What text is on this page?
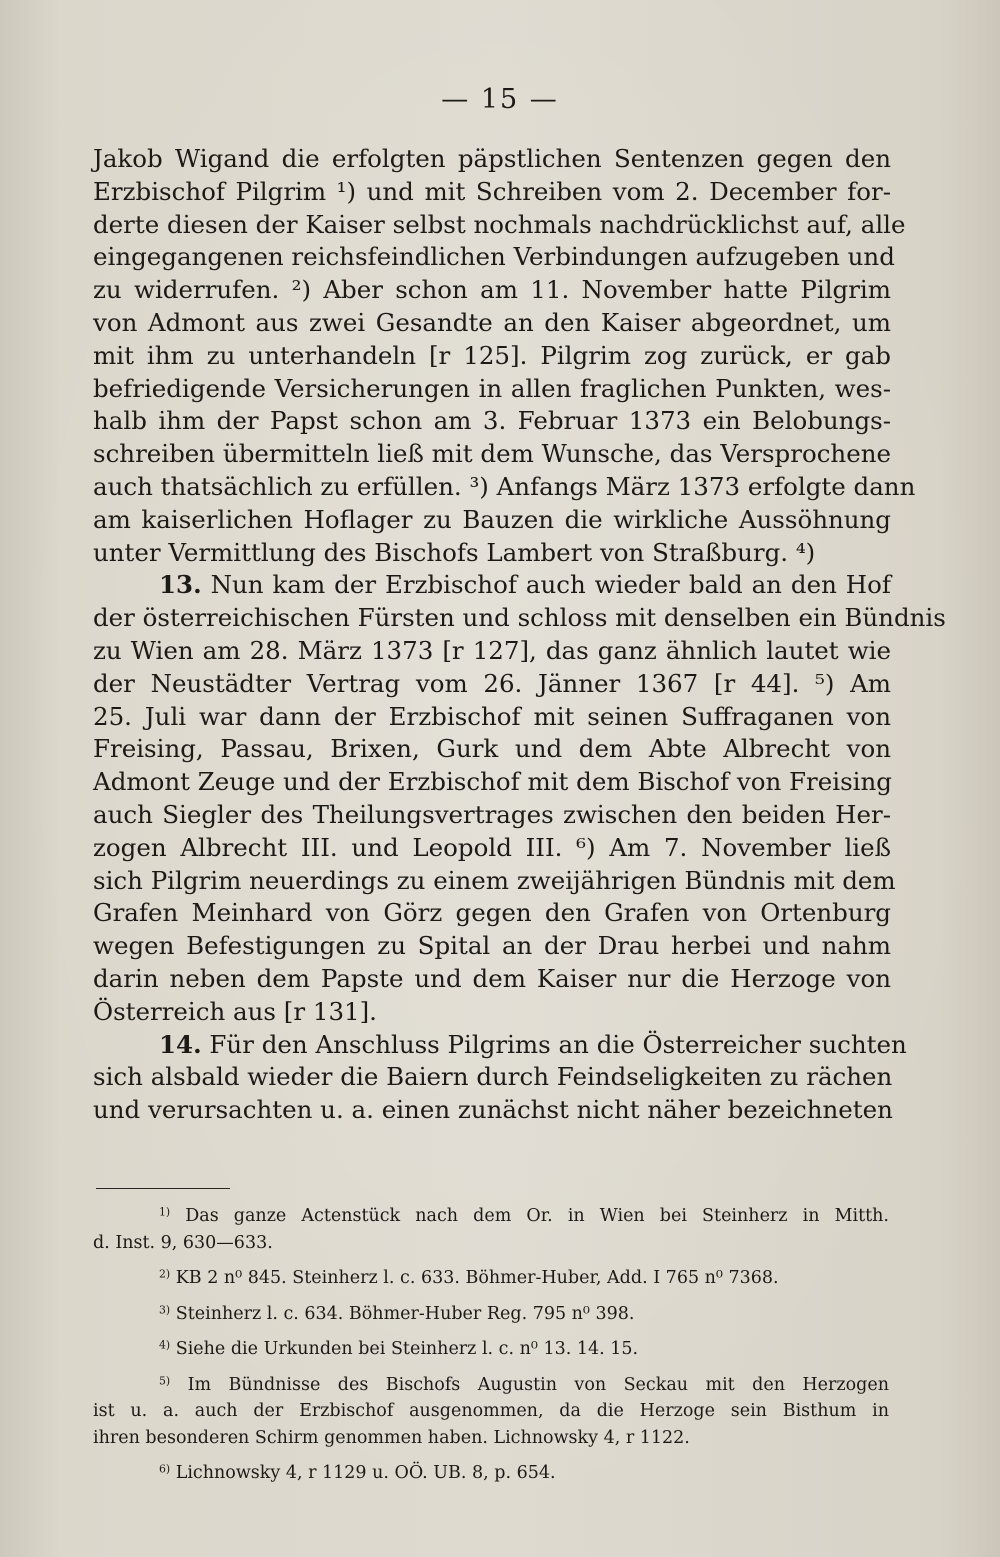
— 15 —
Jakob Wigand die erfolgten päpstlichen Sentenzen gegen den
Erzbischof Pilgrim ¹) und mit Schreiben vom 2. December for-
derte diesen der Kaiser selbst nochmals nachdrücklichst auf, alle
eingegangenen reichsfeindlichen Verbindungen aufzugeben und
zu widerrufen. ²) Aber schon am 11. November hatte Pilgrim
von Admont aus zwei Gesandte an den Kaiser abgeordnet, um
mit ihm zu unterhandeln [r 125]. Pilgrim zog zurück, er gab
befriedigende Versicherungen in allen fraglichen Punkten, wes-
halb ihm der Papst schon am 3. Februar 1373 ein Belobungs-
schreiben übermitteln ließ mit dem Wunsche, das Versprochene
auch thatsächlich zu erfüllen. ³) Anfangs März 1373 erfolgte dann
am kaiserlichen Hoflager zu Bauzen die wirkliche Aussöhnung
unter Vermittlung des Bischofs Lambert von Straßburg. ⁴)
13. Nun kam der Erzbischof auch wieder bald an den Hof
der österreichischen Fürsten und schloss mit denselben ein Bündnis
zu Wien am 28. März 1373 [r 127], das ganz ähnlich lautet wie
der Neustädter Vertrag vom 26. Jänner 1367 [r 44]. ⁵) Am
25. Juli war dann der Erzbischof mit seinen Suffraganen von
Freising, Passau, Brixen, Gurk und dem Abte Albrecht von
Admont Zeuge und der Erzbischof mit dem Bischof von Freising
auch Siegler des Theilungsvertrages zwischen den beiden Her-
zogen Albrecht III. und Leopold III. ⁶) Am 7. November ließ
sich Pilgrim neuerdings zu einem zweijährigen Bündnis mit dem
Grafen Meinhard von Görz gegen den Grafen von Ortenburg
wegen Befestigungen zu Spital an der Drau herbei und nahm
darin neben dem Papste und dem Kaiser nur die Herzoge von
Österreich aus [r 131].
14. Für den Anschluss Pilgrims an die Österreicher suchten
sich alsbald wieder die Baiern durch Feindseligkeiten zu rächen
und verursachten u. a. einen zunächst nicht näher bezeichneten
$^{1)}$ Das ganze Actenstück nach dem Or. in Wien bei Steinherz in Mitth.
d. Inst. 9, 630—633.
$^{2)}$ KB 2 n⁰ 845. Steinherz l. c. 633. Böhmer-Huber, Add. I 765 n⁰ 7368.
$^{3)}$ Steinherz l. c. 634. Böhmer-Huber Reg. 795 n⁰ 398.
$^{4)}$ Siehe die Urkunden bei Steinherz l. c. n⁰ 13. 14. 15.
$^{5)}$ Im Bündnisse des Bischofs Augustin von Seckau mit den Herzogen
ist u. a. auch der Erzbischof ausgenommen, da die Herzoge sein Bisthum in
ihren besonderen Schirm genommen haben. Lichnowsky 4, r 1122.
$^{6)}$ Lichnowsky 4, r 1129 u. OÖ. UB. 8, p. 654.
